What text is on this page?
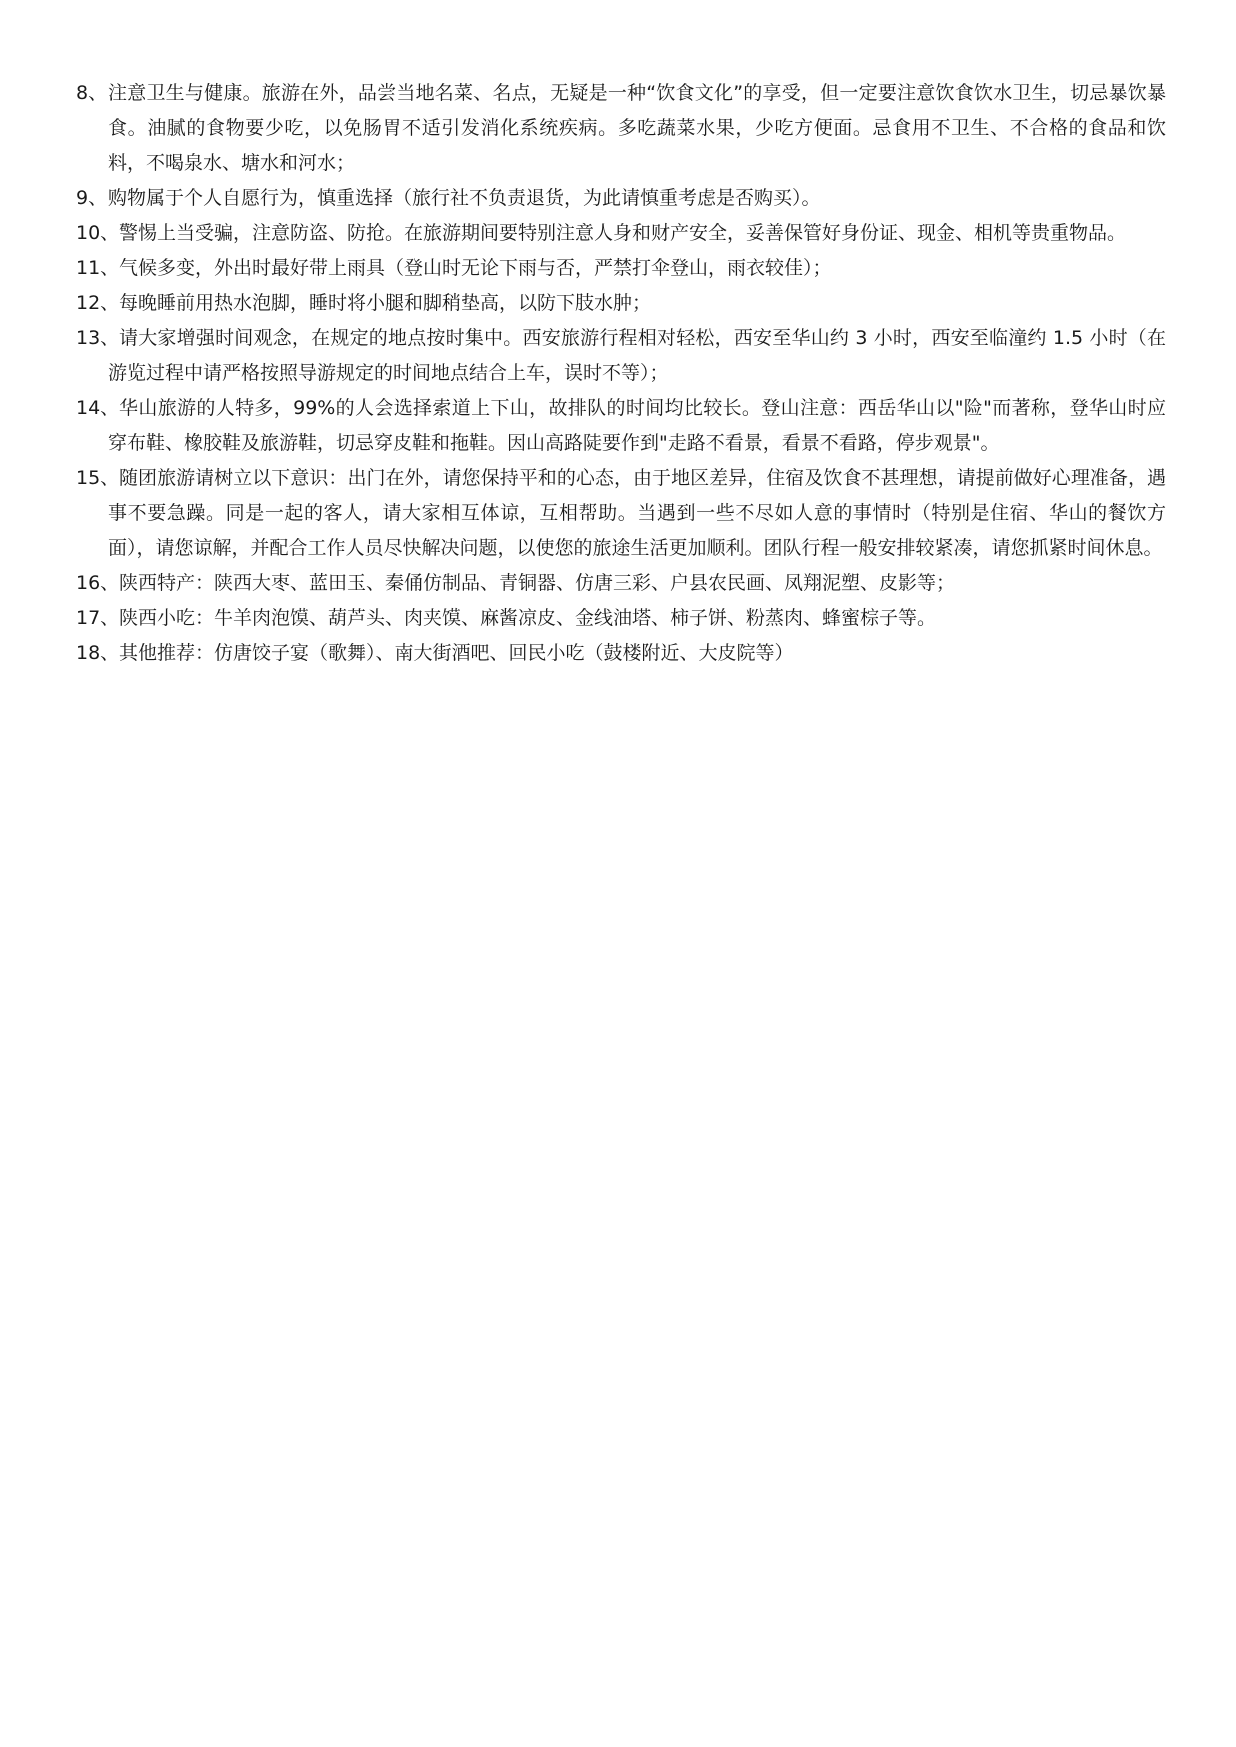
8、 注意卫生与健康。旅游在外，品尝当地名菜、名点，无疑是一种“饮食文化”的享受，但一定要注意饮食饮水卫生，切忌暴饮暴食。油腻的食物要少吃，以免肠胃不适引发消化系统疾病。多吃蔬菜水果，少吃方便面。忌食用不卫生、不合格的食品和饮料，不喝泉水、塘水和河水；
9、 购物属于个人自愿行为，慎重选择（旅行社不负责退货，为此请慎重考虑是否购买）。
10、 警惕上当受骗，注意防盗、防抢。在旅游期间要特别注意人身和财产安全，妥善保管好身份证、现金、相机等贵重物品。
11、 气候多变，外出时最好带上雨具（登山时无论下雨与否，严禁打伞登山，雨衣较佳）；
12、 每晚睡前用热水泡脚，睡时将小腿和脚稍垫高，以防下肢水肿；
13、 请大家增强时间观念，在规定的地点按时集中。西安旅游行程相对轻松，西安至华山约 3 小时，西安至临潼约 1.5 小时（在游览过程中请严格按照导游规定的时间地点结合上车，误时不等）；
14、 华山旅游的人特多，99%的人会选择索道上下山，故排队的时间均比较长。登山注意：西岳华山以"险"而著称，登华山时应穿布鞋、橡胶鞋及旅游鞋，切忌穿皮鞋和拖鞋。因山高路陡要作到"走路不看景，看景不看路，停步观景"。
15、 随团旅游请树立以下意识：出门在外，请您保持平和的心态，由于地区差异，住宿及饮食不甚理想，请提前做好心理准备，遇事不要急躁。同是一起的客人，请大家相互体谅，互相帮助。当遇到一些不尽如人意的事情时（特别是住宿、华山的餐饮方面），请您谅解，并配合工作人员尽快解决问题，以使您的旅途生活更加顺利。团队行程一般安排较紧凑，请您抓紧时间休息。
16、 陕西特产：陕西大枣、蓝田玉、秦俑仿制品、青铜器、仿唐三彩、户县农民画、凤翔泥塑、皮影等；
17、 陕西小吃：牛羊肉泡馍、葫芦头、肉夹馍、麻酱凉皮、金线油塔、柿子饼、粉蒸肉、蜂蜜棕子等。
18、 其他推荐：仿唐饺子宴（歌舞）、南大街酒吧、回民小吃（鼓楼附近、大皮院等）
